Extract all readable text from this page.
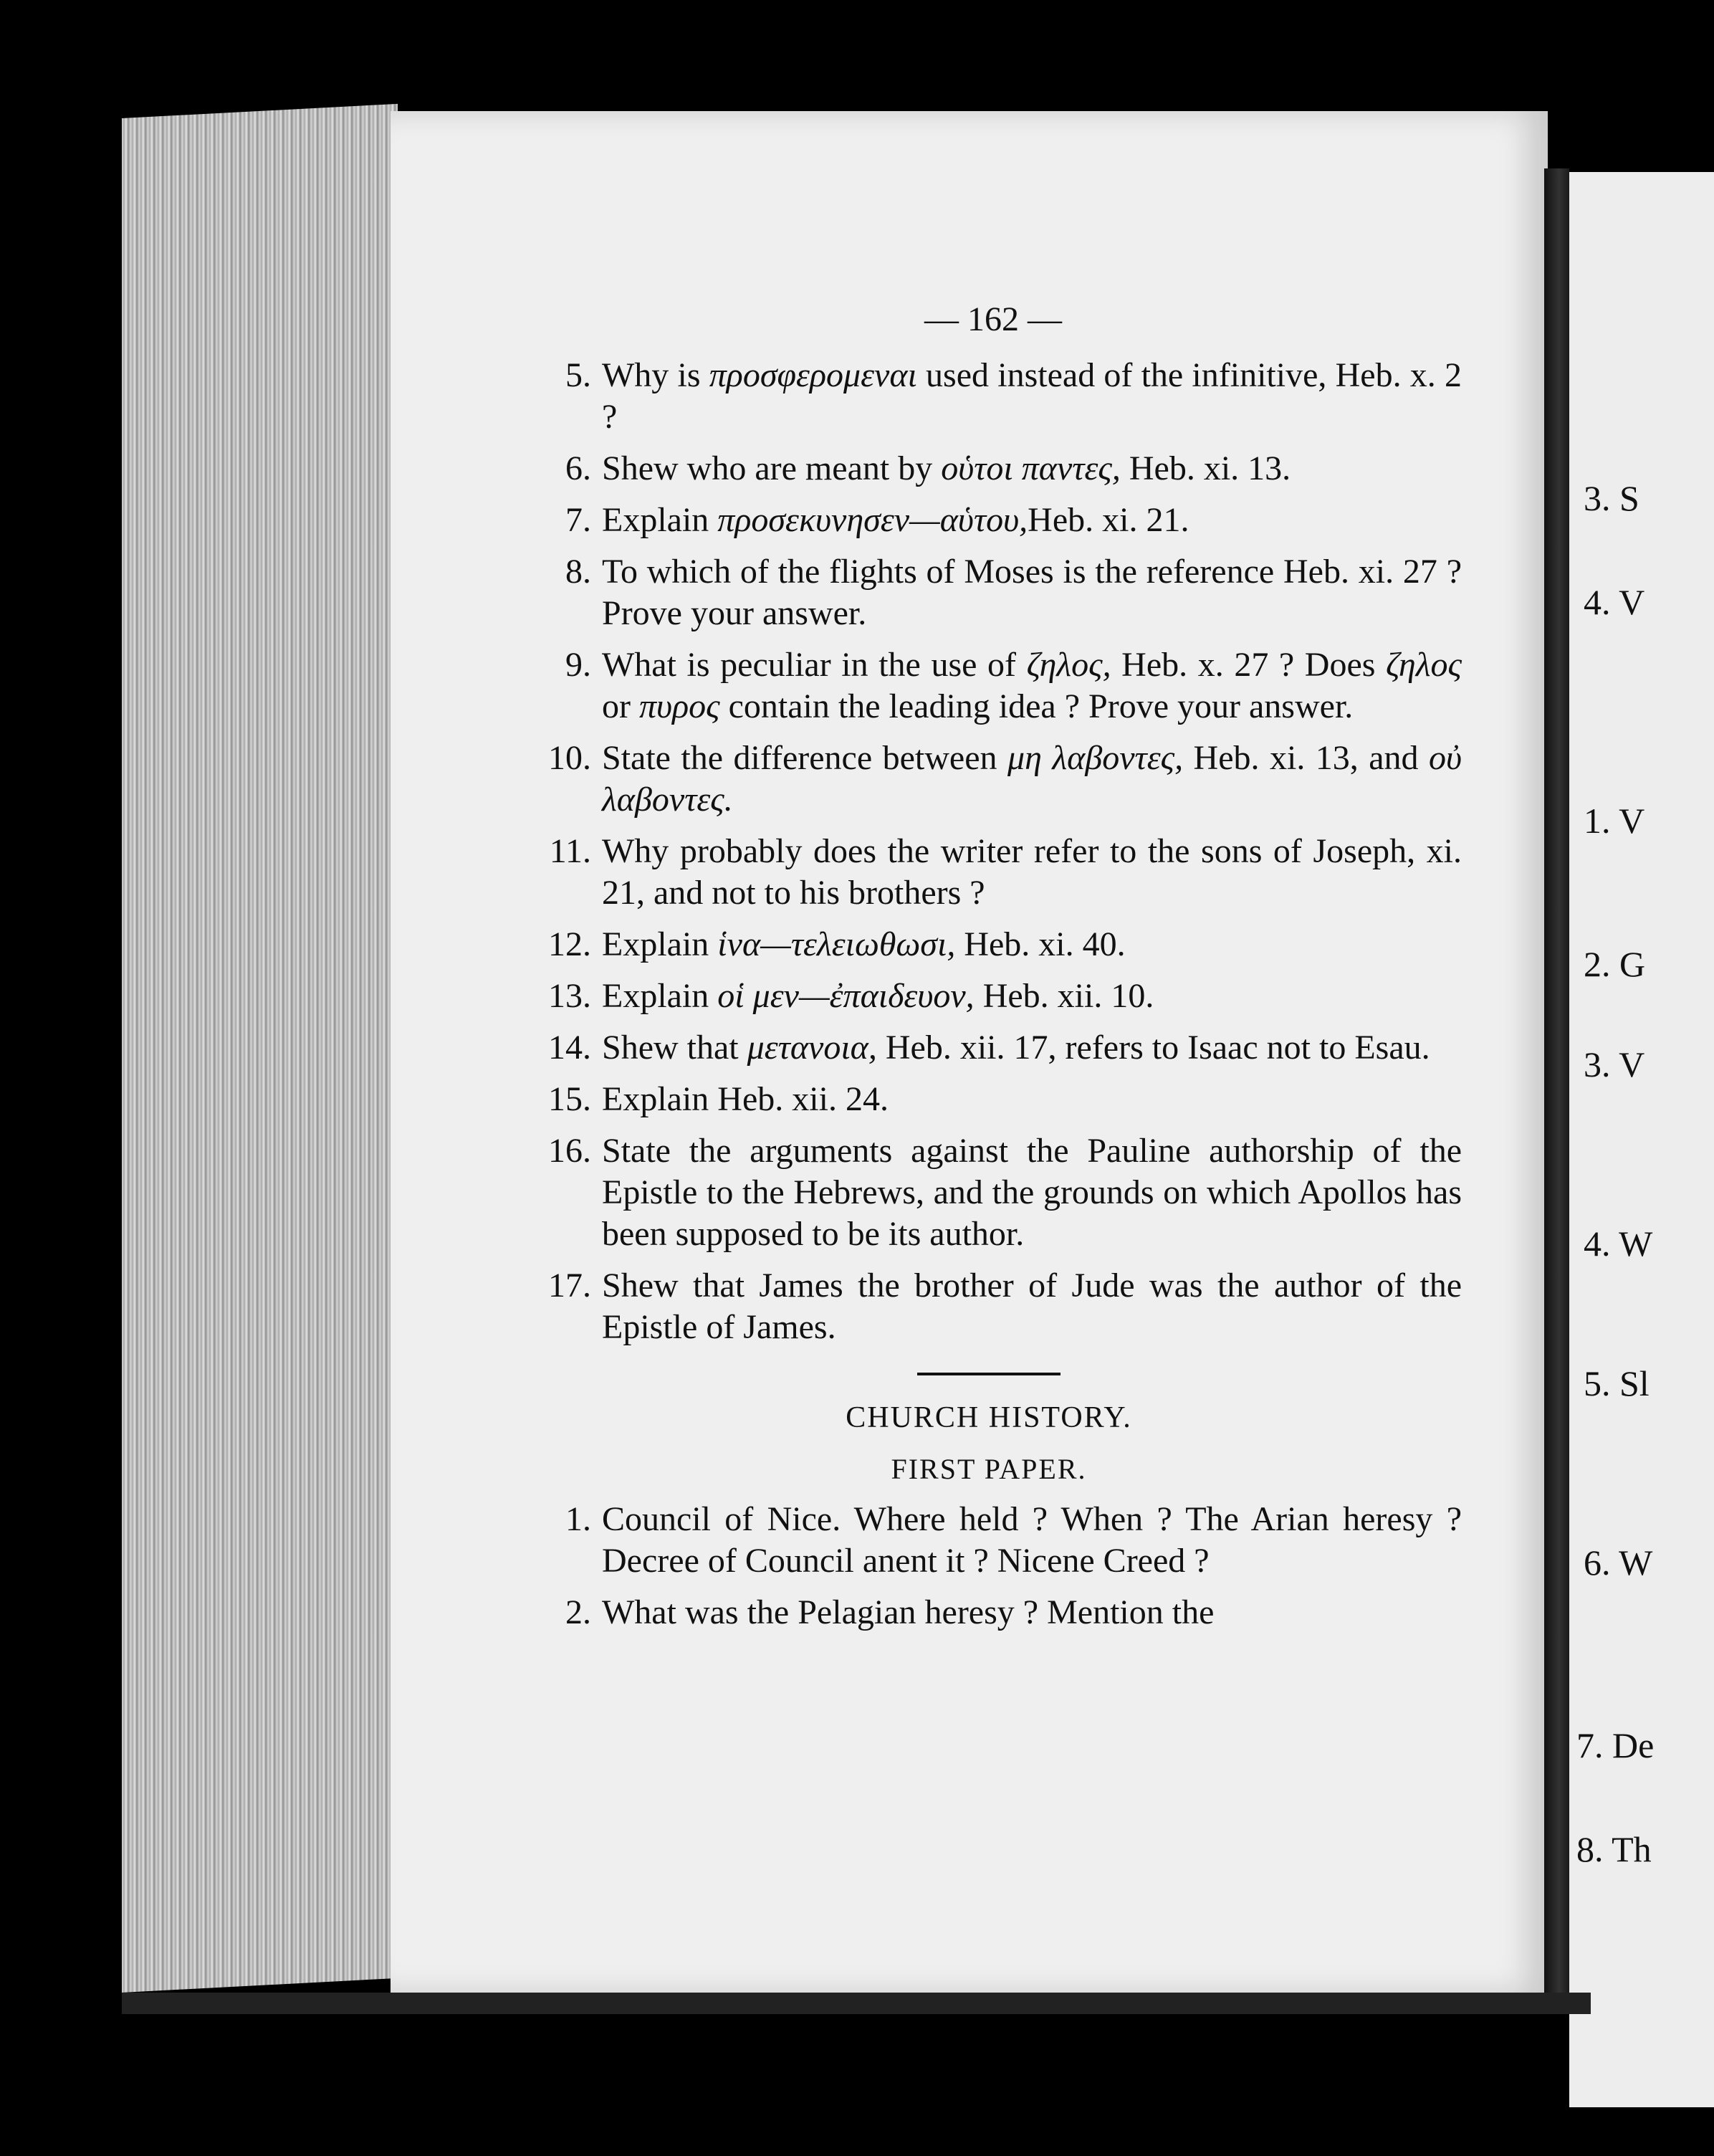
3. S
4. V
1. V
2. G
3. V
4. W
5. Sl
6. W
7. De
8. Th
— 162 —
5. Why is προσφερομεναι used instead of the infinitive, Heb. x. 2 ?
6. Shew who are meant by οὑτοι παντες, Heb. xi. 13.
7. Explain προσεκυνησεν—αὑτου,Heb. xi. 21.
8. To which of the flights of Moses is the reference Heb. xi. 27 ? Prove your answer.
9. What is peculiar in the use of ζηλος, Heb. x. 27 ? Does ζηλος or πυρος contain the leading idea ? Prove your answer.
10. State the difference between μη λαβοντες, Heb. xi. 13, and οὐ λαβοντες.
11. Why probably does the writer refer to the sons of Joseph, xi. 21, and not to his brothers ?
12. Explain ἱνα—τελειωθωσι, Heb. xi. 40.
13. Explain οἱ μεν—ἐπαιδευον, Heb. xii. 10.
14. Shew that μετανοια, Heb. xii. 17, refers to Isaac not to Esau.
15. Explain Heb. xii. 24.
16. State the arguments against the Pauline authorship of the Epistle to the Hebrews, and the grounds on which Apollos has been supposed to be its author.
17. Shew that James the brother of Jude was the author of the Epistle of James.
CHURCH HISTORY.
FIRST PAPER.
1. Council of Nice. Where held ? When ? The Arian heresy ? Decree of Council anent it ? Nicene Creed ?
2. What was the Pelagian heresy ? Mention the
